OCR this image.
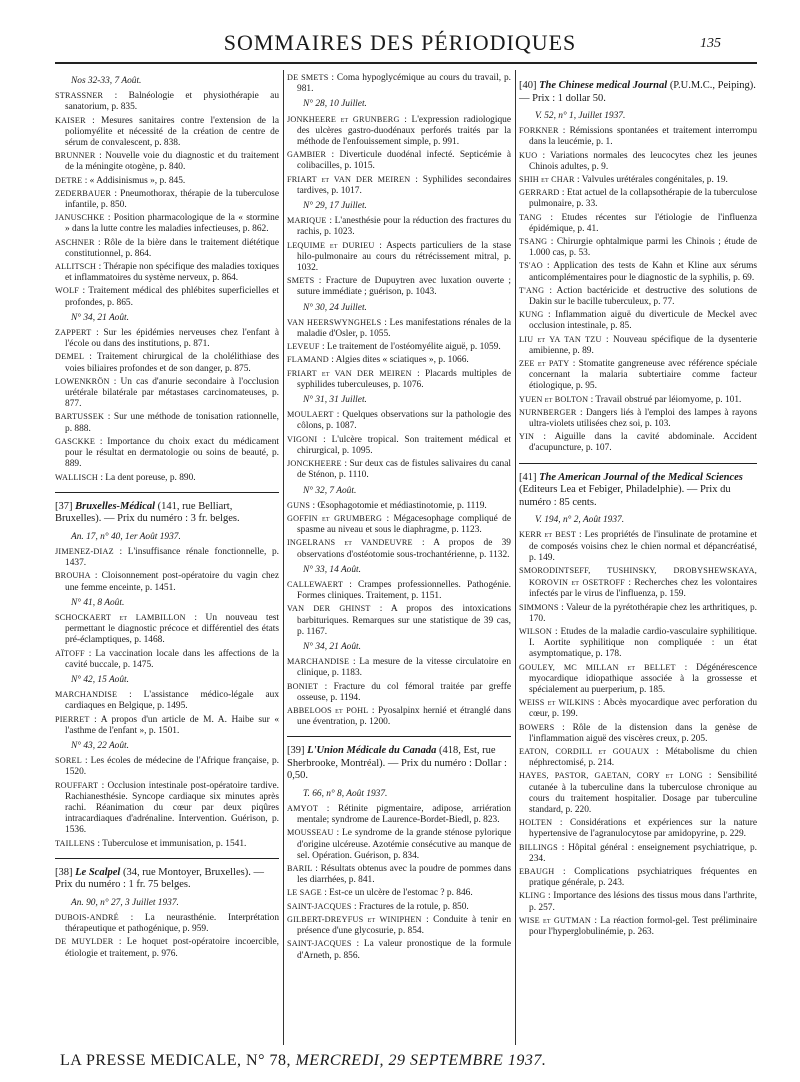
SOMMAIRES DES PÉRIODIQUES	135
Nos 32-33, 7 Août.
STRASSNER : Balnéologie et physiothérapie au sanatorium, p. 835.
KAISER : Mesures sanitaires contre l'extension de la poliomyélite et nécessité de la création de centre de sérum de convalescent, p. 838.
BRUNNER : Nouvelle voie du diagnostic et du traitement de la méningite otogène, p. 840.
DETRE : « Addisinismus », p. 845.
ZEDERBAUER : Pneumothorax, thérapie de la tuberculose infantile, p. 850.
JANUSCHKE : Position pharmacologique de la « stormine » dans la lutte contre les maladies infectieuses, p. 862.
ASCHNER : Rôle de la bière dans le traitement diététique constitutionnel, p. 864.
ALLITSCH : Thérapie non spécifique des maladies toxiques et inflammatoires du système nerveux, p. 864.
WOLF : Traitement médical des phlébites superficielles et profondes, p. 865.
N° 34, 21 Août.
ZAPPERT : Sur les épidémies nerveuses chez l'enfant à l'école ou dans des institutions, p. 871.
DEMEL : Traitement chirurgical de la cholélithiase des voies biliaires profondes et de son danger, p. 875.
LOWENKRÖN : Un cas d'anurie secondaire à l'occlusion urétérale bilatérale par métastases carcinomateuses, p. 877.
BARTUSSEK : Sur une méthode de tonisation rationnelle, p. 888.
GASCKKE : Importance du choix exact du médicament pour le résultat en dermatologie ou soins de beauté, p. 889.
WALLISCH : La dent poreuse, p. 890.
[37] Bruxelles-Médical (141, rue Belliart, Bruxelles). — Prix du numéro : 3 fr. belges.
An. 17, n° 40, 1er Août 1937.
JIMENEZ-DIAZ : L'insuffisance rénale fonctionnelle, p. 1437.
BROUHA : Cloisonnement post-opératoire du vagin chez une femme enceinte, p. 1451.
N° 41, 8 Août.
SCHOCKAERT et LAMBILLON : Un nouveau test permettant le diagnostic précoce et différentiel des états pré-éclamptiques, p. 1468.
AÏTOFF : La vaccination locale dans les affections de la cavité buccale, p. 1475.
N° 42, 15 Août.
MARCHANDISE : L'assistance médico-légale aux cardiaques en Belgique, p. 1495.
PIERRET : A propos d'un article de M. A. Haibe sur « l'asthme de l'enfant », p. 1501.
N° 43, 22 Août.
SOREL : Les écoles de médecine de l'Afrique française, p. 1520.
ROUFFART : Occlusion intestinale post-opératoire tardive. Rachianesthésie. Syncope cardiaque six minutes après rachi. Réanimation du cœur par deux piqûres intracardiaques d'adrénaline. Intervention. Guérison, p. 1536.
TAILLENS : Tuberculose et immunisation, p. 1541.
[38] Le Scalpel (34, rue Montoyer, Bruxelles). — Prix du numéro : 1 fr. 75 belges.
An. 90, n° 27, 3 Juillet 1937.
DUBOIS-ANDRÉ : La neurasthénie. Interprétation thérapeutique et pathogénique, p. 959.
DE MUYLDER : Le hoquet post-opératoire incoercible, étiologie et traitement, p. 976.
DE SMETS : Coma hypoglycémique au cours du travail, p. 981.
N° 28, 10 Juillet.
JONKHEERE et GRUNBERG : L'expression radiologique des ulcères gastro-duodénaux perforés traités par la méthode de l'enfouissement simple, p. 991.
GAMBIER : Diverticule duodénal infecté. Septicémie à colibacilles, p. 1015.
FRIART et VAN DER MEIREN : Syphilides secondaires tardives, p. 1017.
N° 29, 17 Juillet.
MARIQUE : L'anesthésie pour la réduction des fractures du rachis, p. 1023.
LEQUIME et DURIEU : Aspects particuliers de la stase hilo-pulmonaire au cours du rétrécissement mitral, p. 1032.
SMETS : Fracture de Dupuytren avec luxation ouverte ; suture immédiate ; guérison, p. 1043.
N° 30, 24 Juillet.
VAN HEERSWYNGHELS : Les manifestations rénales de la maladie d'Osler, p. 1055.
LEVEUF : Le traitement de l'ostéomyélite aiguë, p. 1059.
FLAMAND : Algies dites « sciatiques », p. 1066.
FRIART et VAN DER MEIREN : Placards multiples de syphilides tuberculeuses, p. 1076.
N° 31, 31 Juillet.
MOULAERT : Quelques observations sur la pathologie des côlons, p. 1087.
VIGONI : L'ulcère tropical. Son traitement médical et chirurgical, p. 1095.
JONCKHEERE : Sur deux cas de fistules salivaires du canal de Sténon, p. 1110.
N° 32, 7 Août.
GUNS : Œsophagotomie et médiastinotomie, p. 1119.
GOFFIN et GRUMBERG : Mégacesophage compliqué de spasme au niveau et sous le diaphragme, p. 1123.
INGELRANS et VANDEUVRE : A propos de 39 observations d'ostéotomie sous-trochantérienne, p. 1132.
N° 33, 14 Août.
CALLEWAERT : Crampes professionnelles. Pathogénie. Formes cliniques. Traitement, p. 1151.
VAN DER GHINST : A propos des intoxications barbituriques. Remarques sur une statistique de 39 cas, p. 1167.
N° 34, 21 Août.
MARCHANDISE : La mesure de la vitesse circulatoire en clinique, p. 1183.
BONIET : Fracture du col fémoral traitée par greffe osseuse, p. 1194.
ABBELOOS et POHL : Pyosalpinx hernié et étranglé dans une éventration, p. 1200.
[39] L'Union Médicale du Canada (418, Est, rue Sherbrooke, Montréal). — Prix du numéro : Dollar : 0,50.
T. 66, n° 8, Août 1937.
AMYOT : Rétinite pigmentaire, adipose, arriération mentale; syndrome de Laurence-Bordet-Biedl, p. 823.
MOUSSEAU : Le syndrome de la grande sténose pylorique d'origine ulcéreuse. Azotémie consécutive au manque de sel. Opération. Guérison, p. 834.
BARIL : Résultats obtenus avec la poudre de pommes dans les diarrhées, p. 841.
LE SAGE : Est-ce un ulcère de l'estomac ? p. 846.
SAINT-JACQUES : Fractures de la rotule, p. 850.
GILBERT-DREYFUS et WINIPHEN : Conduite à tenir en présence d'une glycosurie, p. 854.
SAINT-JACQUES : La valeur pronostique de la formule d'Arneth, p. 856.
[40] The Chinese medical Journal (P.U.M.C., Peiping). — Prix : 1 dollar 50.
V. 52, n° 1, Juillet 1937.
FORKNER : Rémissions spontanées et traitement interrompu dans la leucémie, p. 1.
KUO : Variations normales des leucocytes chez les jeunes Chinois adultes, p. 9.
SHIH et CHAR : Valvules urétérales congénitales, p. 19.
GERRARD : Etat actuel de la collapsothérapie de la tuberculose pulmonaire, p. 33.
TANG : Etudes récentes sur l'étiologie de l'influenza épidémique, p. 41.
TSANG : Chirurgie ophtalmique parmi les Chinois ; étude de 1.000 cas, p. 53.
TS'AO : Application des tests de Kahn et Kline aux sérums anticomplémentaires pour le diagnostic de la syphilis, p. 69.
T'ANG : Action bactéricide et destructive des solutions de Dakin sur le bacille tuberculeux, p. 77.
KUNG : Inflammation aiguë du diverticule de Meckel avec occlusion intestinale, p. 85.
LIU et YA TAN TZU : Nouveau spécifique de la dysenterie amibienne, p. 89.
ZEE et PATY : Stomatite gangreneuse avec référence spéciale concernant la malaria subtertiaire comme facteur étiologique, p. 95.
YUEN et BOLTON : Travail obstrué par léiomyome, p. 101.
NURNBERGER : Dangers liés à l'emploi des lampes à rayons ultra-violets utilisées chez soi, p. 103.
YIN : Aiguille dans la cavité abdominale. Accident d'acupuncture, p. 107.
[41] The American Journal of the Medical Sciences (Editeurs Lea et Febiger, Philadelphie). — Prix du numéro : 85 cents.
V. 194, n° 2, Août 1937.
KERR et BEST : Les propriétés de l'insulinate de protamine et de composés voisins chez le chien normal et dépancréatisé, p. 149.
SMORODINTSEFF, TUSHINSKY, DROBYSHEWSKAYA, KOROVIN et OSETROFF : Recherches chez les volontaires infectés par le virus de l'influenza, p. 159.
SIMMONS : Valeur de la pyrétothérapie chez les arthritiques, p. 170.
WILSON : Etudes de la maladie cardio-vasculaire syphilitique. I. Aortite syphilitique non compliquée : un état asymptomatique, p. 178.
GOULEY, MC MILLAN et BELLET : Dégénérescence myocardique idiopathique associée à la grossesse et spécialement au puerperium, p. 185.
WEISS et WILKINS : Abcès myocardique avec perforation du cœur, p. 199.
BOWERS : Rôle de la distension dans la genèse de l'inflammation aiguë des viscères creux, p. 205.
EATON, CORDILL et GOUAUX : Métabolisme du chien néphrectomisé, p. 214.
HAYES, PASTOR, GAETAN, CORY et LONG : Sensibilité cutanée à la tuberculine dans la tuberculose chronique au cours du traitement hospitalier. Dosage par tuberculine standard, p. 220.
HOLTEN : Considérations et expériences sur la nature hypertensive de l'agranulocytose par amidopyrine, p. 229.
BILLINGS : Hôpital général : enseignement psychiatrique, p. 234.
EBAUGH : Complications psychiatriques fréquentes en pratique générale, p. 243.
KLING : Importance des lésions des tissus mous dans l'arthrite, p. 257.
WISE et GUTMAN : La réaction formol-gel. Test préliminaire pour l'hyperglobulinémie, p. 263.
LA PRESSE MEDICALE, N° 78, MERCREDI, 29 SEPTEMBRE 1937.
